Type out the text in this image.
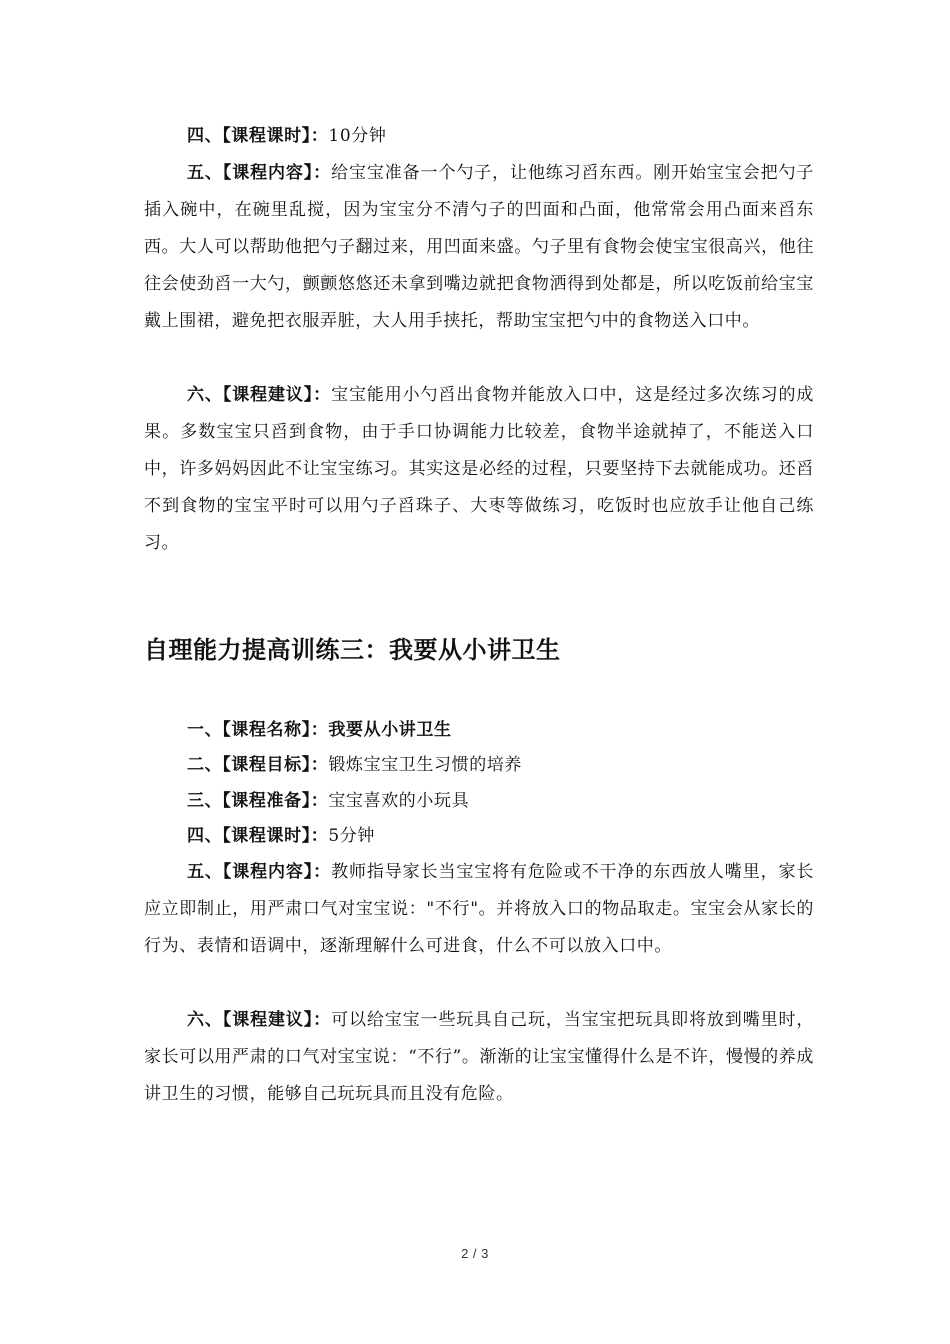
四、【课程课时】：10分钟

五、【课程内容】：给宝宝准备一个勺子，让他练习舀东西。刚开始宝宝会把勺子插入碗中，在碗里乱搅，因为宝宝分不清勺子的凹面和凸面，他常常会用凸面来舀东西。大人可以帮助他把勺子翻过来，用凹面来盛。勺子里有食物会使宝宝很高兴，他往往会使劲舀一大勺，颤颤悠悠还未拿到嘴边就把食物洒得到处都是，所以吃饭前给宝宝戴上围裙，避免把衣服弄脏，大人用手挟托，帮助宝宝把勺中的食物送入口中。

六、【课程建议】：宝宝能用小勺舀出食物并能放入口中，这是经过多次练习的成果。多数宝宝只舀到食物，由于手口协调能力比较差，食物半途就掉了，不能送入口中，许多妈妈因此不让宝宝练习。其实这是必经的过程，只要坚持下去就能成功。还舀不到食物的宝宝平时可以用勺子舀珠子、大枣等做练习，吃饭时也应放手让他自己练习。

自理能力提高训练三：我要从小讲卫生

一、【课程名称】：我要从小讲卫生

二、【课程目标】：锻炼宝宝卫生习惯的培养

三、【课程准备】：宝宝喜欢的小玩具

四、【课程课时】：5分钟

五、【课程内容】：教师指导家长当宝宝将有危险或不干净的东西放人嘴里，家长应立即制止，用严肃口气对宝宝说："不行"。并将放入口的物品取走。宝宝会从家长的行为、表情和语调中，逐渐理解什么可进食，什么不可以放入口中。

六、【课程建议】：可以给宝宝一些玩具自己玩，当宝宝把玩具即将放到嘴里时，家长可以用严肃的口气对宝宝说：“不行”。渐渐的让宝宝懂得什么是不许，慢慢的养成讲卫生的习惯，能够自己玩玩具而且没有危险。

2 / 3
